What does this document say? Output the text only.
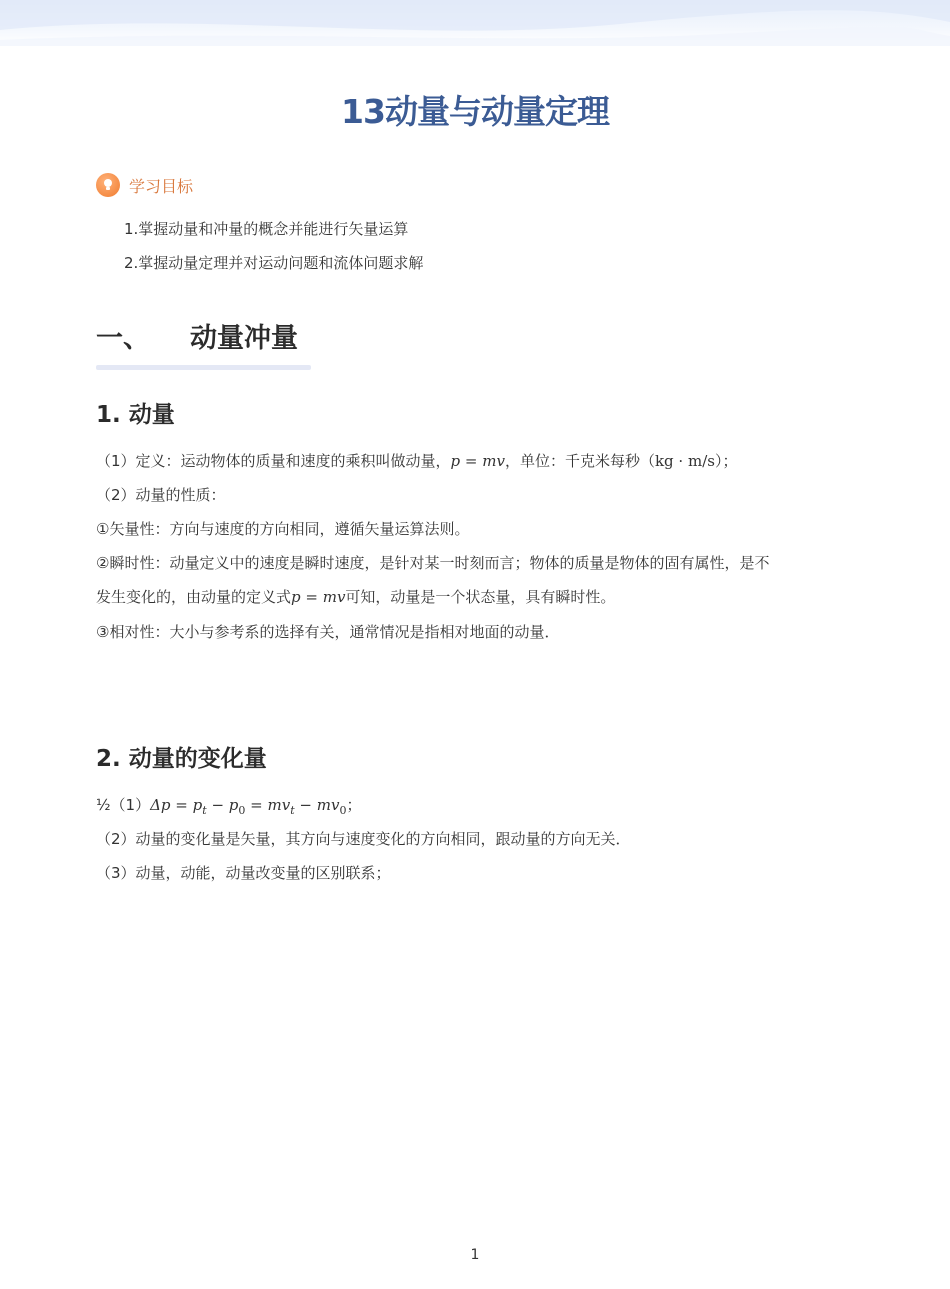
13动量与动量定理
学习目标
1.掌握动量和冲量的概念并能进行矢量运算
2.掌握动量定理并对运动问题和流体问题求解
一、 动量冲量
1. 动量
（1）定义：运动物体的质量和速度的乘积叫做动量，p = mv，单位：千克米每秒（kg · m/s）；
（2）动量的性质：
①矢量性：方向与速度的方向相同，遵循矢量运算法则。
②瞬时性：动量定义中的速度是瞬时速度，是针对某一时刻而言；物体的质量是物体的固有属性，是不
发生变化的，由动量的定义式p = mv可知，动量是一个状态量，具有瞬时性。
③相对性：大小与参考系的选择有关，通常情况是指相对地面的动量．
2. 动量的变化量
½（1）Δp = $p_t - p_0 = mv_t - mv_0$；
（2）动量的变化量是矢量，其方向与速度变化的方向相同，跟动量的方向无关．
（3）动量，动能，动量改变量的区别联系；
1
